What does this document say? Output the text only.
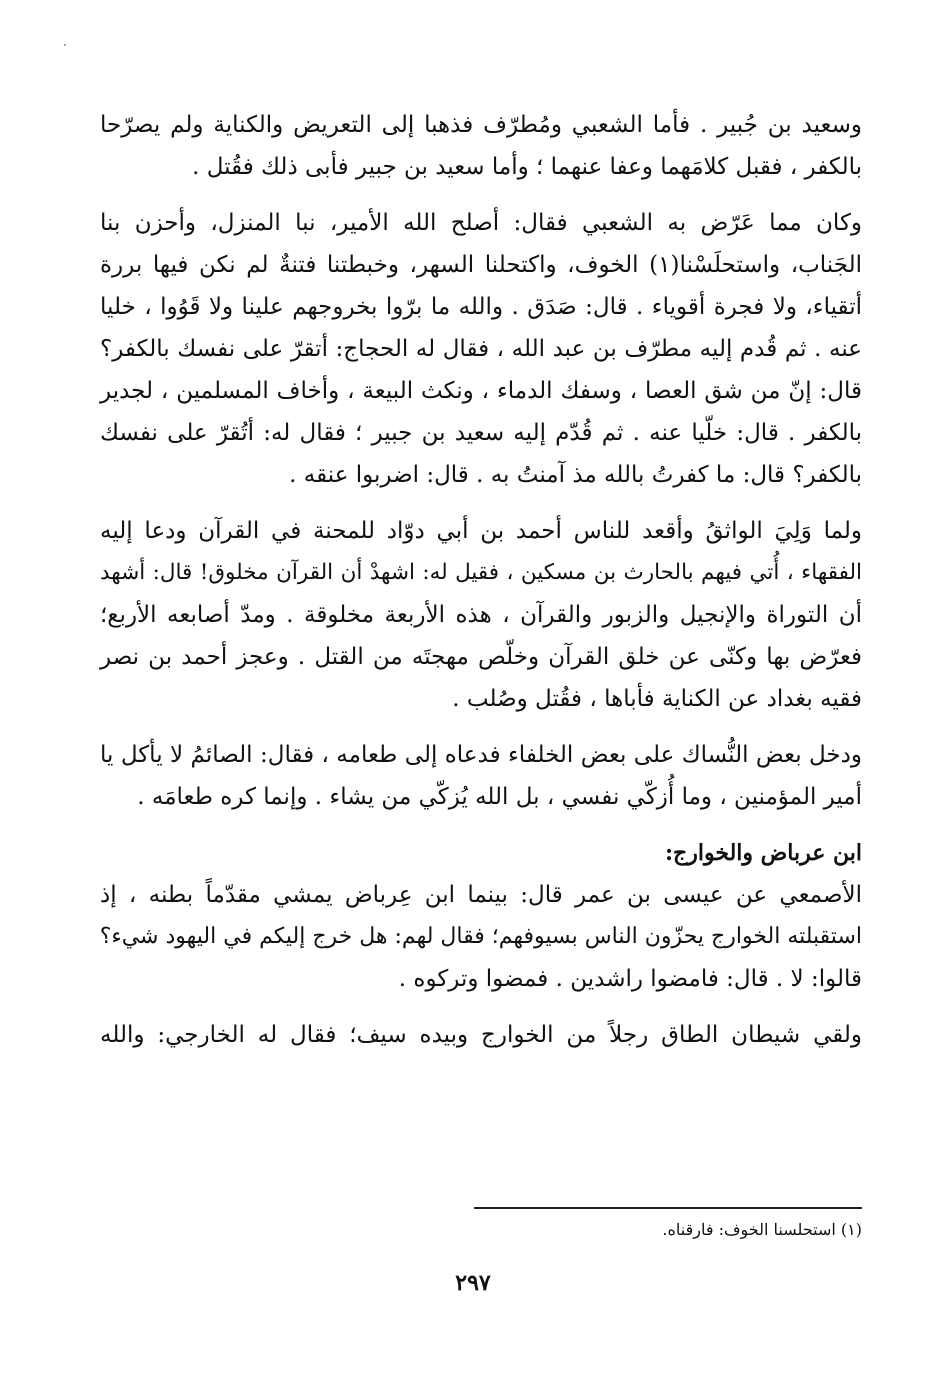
وسعيد بن جُبير . فأما الشعبي ومُطرّف فذهبا إلى التعريض والكناية ولم يصرّحا
بالكفر ، فقبل كلامَهما وعفا عنهما ؛ وأما سعيد بن جبير فأبى ذلك فقُتل .
وكان مما عَرّض به الشعبي فقال: أصلح الله الأمير، نبا المنزل، وأحزن بنا
الجَناب، واستحلَسْنا(١) الخوف، واكتحلنا السهر، وخبطتنا فتنةٌ لم نكن فيها بررة
أتقياء، ولا فجرة أقوياء . قال: صَدَق . والله ما برّوا بخروجهم علينا ولا قَوُوا ، خليا
عنه . ثم قُدم إليه مطرّف بن عبد الله ، فقال له الحجاج: أتقرّ على نفسك بالكفر؟
قال: إنّ من شق العصا ، وسفك الدماء ، ونكث البيعة ، وأخاف المسلمين ، لجدير
بالكفر . قال: خلّيا عنه . ثم قُدّم إليه سعيد بن جبير ؛ فقال له: أتُقرّ على نفسك
بالكفر؟ قال: ما كفرتُ بالله مذ آمنتُ به . قال: اضربوا عنقه .
ولما وَلِيَ الواثقُ وأقعد للناس أحمد بن أبي دوّاد للمحنة في القرآن ودعا إليه
الفقهاء ، أُتي فيهم بالحارث بن مسكين ، فقيل له: اشهدْ أن القرآن مخلوق! قال: أشهد
أن التوراة والإنجيل والزبور والقرآن ، هذه الأربعة مخلوقة . ومدّ أصابعه الأربع؛
فعرّض بها وكنّى عن خلق القرآن وخلّص مهجتَه من القتل . وعجز أحمد بن نصر
فقيه بغداد عن الكناية فأباها ، فقُتل وصُلب .
ودخل بعض النُّساك على بعض الخلفاء فدعاه إلى طعامه ، فقال: الصائمُ لا يأكل يا
أمير المؤمنين ، وما أُزكّي نفسي ، بل الله يُزكّي من يشاء . وإنما كره طعامَه .
ابن عرباض والخوارج:
الأصمعي عن عيسى بن عمر قال: بينما ابن عِرباض يمشي مقدّماً بطنه ، إذ
استقبلته الخوارج يحزّون الناس بسيوفهم؛ فقال لهم: هل خرج إليكم في اليهود شيء؟
قالوا: لا . قال: فامضوا راشدين . فمضوا وتركوه .
ولقي شيطان الطاق رجلاً من الخوارج وبيده سيف؛ فقال له الخارجي: والله
(١) استحلسنا الخوف: فارقناه.
٢٩٧
